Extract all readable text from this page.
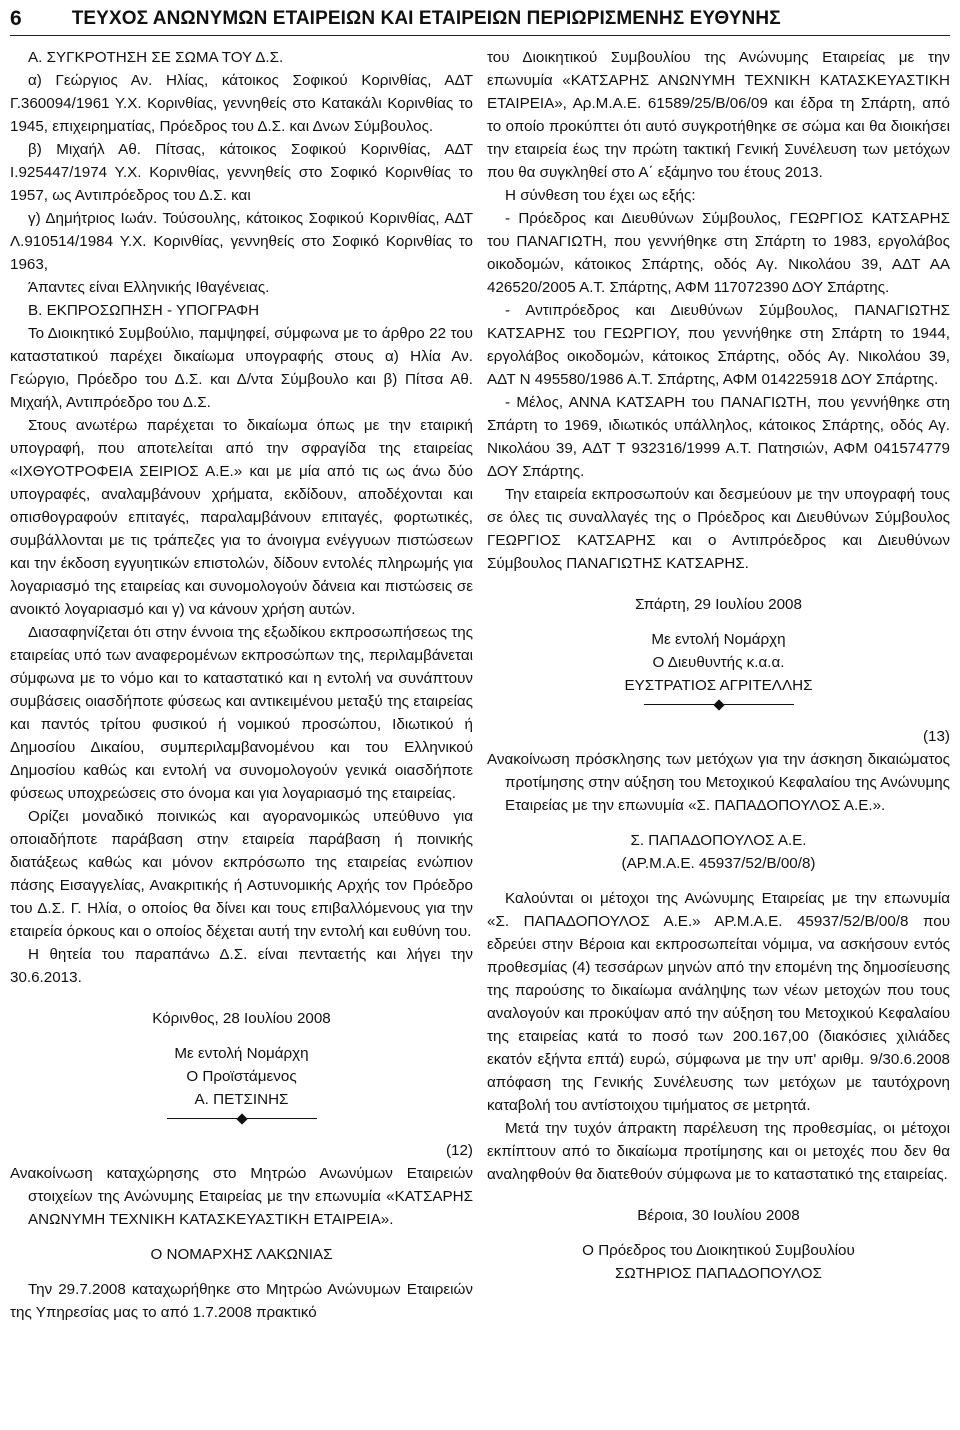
6	ΤΕΥΧΟΣ ΑΝΩΝΥΜΩΝ ΕΤΑΙΡΕΙΩΝ ΚΑΙ ΕΤΑΙΡΕΙΩΝ ΠΕΡΙΩΡΙΣΜΕΝΗΣ ΕΥΘΥΝΗΣ

Α. ΣΥΓΚΡΟΤΗΣΗ ΣΕ ΣΩΜΑ ΤΟΥ Δ.Σ.

α) Γεώργιος Αν. Ηλίας, κάτοικος Σοφικού Κορινθίας, ΑΔΤ Γ.360094/1961 Υ.Χ. Κορινθίας, γεννηθείς στο Κατακάλι Κορινθίας το 1945, επιχειρηματίας, Πρόεδρος του Δ.Σ. και Δνων Σύμβουλος.

β) Μιχαήλ Αθ. Πίτσας, κάτοικος Σοφικού Κορινθίας, ΑΔΤ Ι.925447/1974 Υ.Χ. Κορινθίας, γεννηθείς στο Σοφικό Κορινθίας το 1957, ως Αντιπρόεδρος του Δ.Σ. και

γ) Δημήτριος Ιωάν. Τούσουλης, κάτοικος Σοφικού Κορινθίας, ΑΔΤ Λ.910514/1984 Υ.Χ. Κορινθίας, γεννηθείς στο Σοφικό Κορινθίας το 1963,

Άπαντες είναι Ελληνικής Ιθαγένειας.

Β. ΕΚΠΡΟΣΩΠΗΣΗ - ΥΠΟΓΡΑΦΗ

Το Διοικητικό Συμβούλιο, παμψηφεί, σύμφωνα με το άρθρο 22 του καταστατικού παρέχει δικαίωμα υπογραφής στους α) Ηλία Αν. Γεώργιο, Πρόεδρο του Δ.Σ. και Δ/ντα Σύμβουλο και β) Πίτσα Αθ. Μιχαήλ, Αντιπρόεδρο του Δ.Σ.

Στους ανωτέρω παρέχεται το δικαίωμα όπως με την εταιρική υπογραφή, που αποτελείται από την σφραγίδα της εταιρείας «ΙΧΘΥΟΤΡΟΦΕΙΑ ΣΕΙΡΙΟΣ Α.Ε.» και με μία από τις ως άνω δύο υπογραφές, αναλαμβάνουν χρήματα, εκδίδουν, αποδέχονται και οπισθογραφούν επιταγές, παραλαμβάνουν επιταγές, φορτωτικές, συμβάλλονται με τις τράπεζες για το άνοιγμα ενέγγυων πιστώσεων και την έκδοση εγγυητικών επιστολών, δίδουν εντολές πληρωμής για λογαριασμό της εταιρείας και συνομολογούν δάνεια και πιστώσεις σε ανοικτό λογαριασμό και γ) να κάνουν χρήση αυτών.

Διασαφηνίζεται ότι στην έννοια της εξωδίκου εκπροσωπήσεως της εταιρείας υπό των αναφερομένων εκπροσώπων της, περιλαμβάνεται σύμφωνα με το νόμο και το καταστατικό και η εντολή να συνάπτουν συμβάσεις οιασδήποτε φύσεως και αντικειμένου μεταξύ της εταιρείας και παντός τρίτου φυσικού ή νομικού προσώπου, Ιδιωτικού ή Δημοσίου Δικαίου, συμπεριλαμβανομένου και του Ελληνικού Δημοσίου καθώς και εντολή να συνομολογούν γενικά οιασδήποτε φύσεως υποχρεώσεις στο όνομα και για λογαριασμό της εταιρείας.

Ορίζει μοναδικό ποινικώς και αγορανομικώς υπεύθυνο για οποιαδήποτε παράβαση στην εταιρεία παράβαση ή ποινικής διατάξεως καθώς και μόνον εκπρόσωπο της εταιρείας ενώπιον πάσης Εισαγγελίας, Ανακριτικής ή Αστυνομικής Αρχής τον Πρόεδρο του Δ.Σ. Γ. Ηλία, ο οποίος θα δίνει και τους επιβαλλόμενους για την εταιρεία όρκους και ο οποίος δέχεται αυτή την εντολή και ευθύνη του.

Η θητεία του παραπάνω Δ.Σ. είναι πενταετής και λήγει την 30.6.2013.

Κόρινθος, 28 Ιουλίου 2008

Με εντολή Νομάρχη

Ο Προϊστάμενος

Α. ΠΕΤΣΙΝΗΣ

(12)

Ανακοίνωση καταχώρησης στο Μητρώο Ανωνύμων Εταιρειών στοιχείων της Ανώνυμης Εταιρείας με την επωνυμία «ΚΑΤΣΑΡΗΣ ΑΝΩΝΥΜΗ ΤΕΧΝΙΚΗ ΚΑΤΑΣΚΕΥΑΣΤΙΚΗ ΕΤΑΙΡΕΙΑ».

Ο ΝΟΜΑΡΧΗΣ ΛΑΚΩΝΙΑΣ

Την 29.7.2008 καταχωρήθηκε στο Μητρώο Ανώνυμων Εταιρειών της Υπηρεσίας μας το από 1.7.2008 πρακτικό

του Διοικητικού Συμβουλίου της Ανώνυμης Εταιρείας με την επωνυμία «ΚΑΤΣΑΡΗΣ ΑΝΩΝΥΜΗ ΤΕΧΝΙΚΗ ΚΑΤΑΣΚΕΥΑΣΤΙΚΗ ΕΤΑΙΡΕΙΑ», Αρ.Μ.Α.Ε. 61589/25/Β/06/09 και έδρα τη Σπάρτη, από το οποίο προκύπτει ότι αυτό συγκροτήθηκε σε σώμα και θα διοικήσει την εταιρεία έως την πρώτη τακτική Γενική Συνέλευση των μετόχων που θα συγκληθεί στο Α΄ εξάμηνο του έτους 2013.

Η σύνθεση του έχει ως εξής:

- Πρόεδρος και Διευθύνων Σύμβουλος, ΓΕΩΡΓΙΟΣ ΚΑΤΣΑΡΗΣ του ΠΑΝΑΓΙΩΤΗ, που γεννήθηκε στη Σπάρτη το 1983, εργολάβος οικοδομών, κάτοικος Σπάρτης, οδός Αγ. Νικολάου 39, ΑΔΤ ΑΑ 426520/2005 Α.Τ. Σπάρτης, ΑΦΜ 117072390 ΔΟΥ Σπάρτης.

- Αντιπρόεδρος και Διευθύνων Σύμβουλος, ΠΑΝΑΓΙΩΤΗΣ ΚΑΤΣΑΡΗΣ του ΓΕΩΡΓΙΟΥ, που γεννήθηκε στη Σπάρτη το 1944, εργολάβος οικοδομών, κάτοικος Σπάρτης, οδός Αγ. Νικολάου 39, ΑΔΤ Ν 495580/1986 Α.Τ. Σπάρτης, ΑΦΜ 014225918 ΔΟΥ Σπάρτης.

- Μέλος, ΑΝΝΑ ΚΑΤΣΑΡΗ του ΠΑΝΑΓΙΩΤΗ, που γεννήθηκε στη Σπάρτη το 1969, ιδιωτικός υπάλληλος, κάτοικος Σπάρτης, οδός Αγ. Νικολάου 39, ΑΔΤ Τ 932316/1999 Α.Τ. Πατησιών, ΑΦΜ 041574779 ΔΟΥ Σπάρτης.

Την εταιρεία εκπροσωπούν και δεσμεύουν με την υπογραφή τους σε όλες τις συναλλαγές της ο Πρόεδρος και Διευθύνων Σύμβουλος ΓΕΩΡΓΙΟΣ ΚΑΤΣΑΡΗΣ και ο Αντιπρόεδρος και Διευθύνων Σύμβουλος ΠΑΝΑΓΙΩΤΗΣ ΚΑΤΣΑΡΗΣ.

Σπάρτη, 29 Ιουλίου 2008

Με εντολή Νομάρχη

Ο Διευθυντής κ.α.α.

ΕΥΣΤΡΑΤΙΟΣ ΑΓΡΙΤΕΛΛΗΣ

(13)

Ανακοίνωση πρόσκλησης των μετόχων για την άσκηση δικαιώματος προτίμησης στην αύξηση του Μετοχικού Κεφαλαίου της Ανώνυμης Εταιρείας με την επωνυμία «Σ. ΠΑΠΑΔΟΠΟΥΛΟΣ Α.Ε.».

Σ. ΠΑΠΑΔΟΠΟΥΛΟΣ Α.Ε.

(ΑΡ.Μ.Α.Ε. 45937/52/Β/00/8)

Καλούνται οι μέτοχοι της Ανώνυμης Εταιρείας με την επωνυμία «Σ. ΠΑΠΑΔΟΠΟΥΛΟΣ Α.Ε.» ΑΡ.Μ.Α.Ε. 45937/52/Β/00/8 που εδρεύει στην Βέροια και εκπροσωπείται νόμιμα, να ασκήσουν εντός προθεσμίας (4) τεσσάρων μηνών από την επομένη της δημοσίευσης της παρούσης το δικαίωμα ανάληψης των νέων μετοχών που τους αναλογούν και προκύψαν από την αύξηση του Μετοχικού Κεφαλαίου της εταιρείας κατά το ποσό των 200.167,00 (διακόσιες χιλιάδες εκατόν εξήντα επτά) ευρώ, σύμφωνα με την υπ' αριθμ. 9/30.6.2008 απόφαση της Γενικής Συνέλευσης των μετόχων με ταυτόχρονη καταβολή του αντίστοιχου τιμήματος σε μετρητά.

Μετά την τυχόν άπρακτη παρέλευση της προθεσμίας, οι μέτοχοι εκπίπτουν από το δικαίωμα προτίμησης και οι μετοχές που δεν θα αναληφθούν θα διατεθούν σύμφωνα με το καταστατικό της εταιρείας.

Βέροια, 30 Ιουλίου 2008

Ο Πρόεδρος του Διοικητικού Συμβουλίου

ΣΩΤΗΡΙΟΣ ΠΑΠΑΔΟΠΟΥΛΟΣ
